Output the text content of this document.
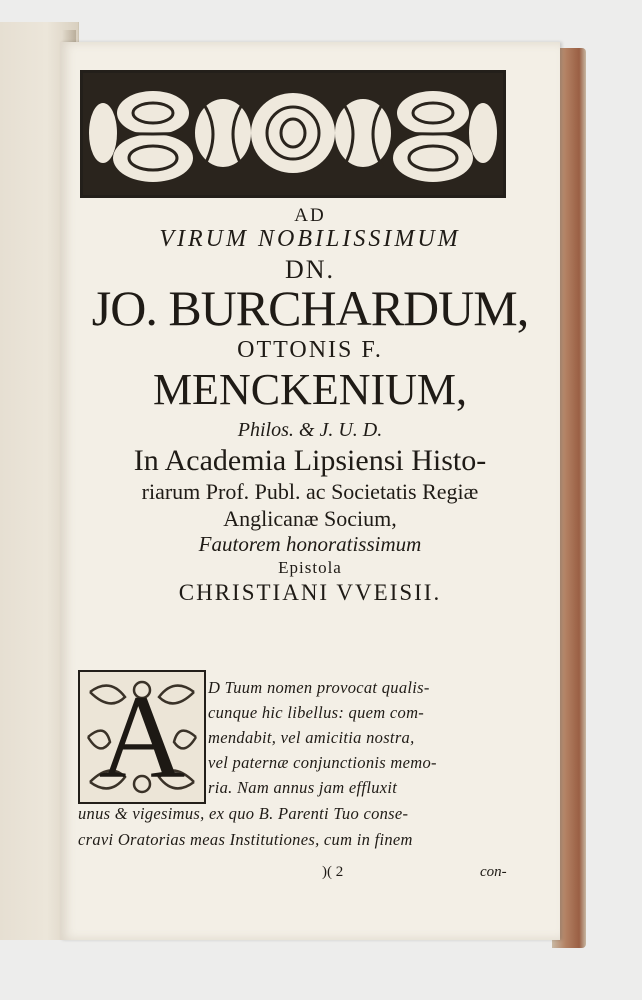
AD
VIRUM NOBILISSIMUM
DN.
JO. BURCHARDUM,
OTTONIS F.
MENCKENIUM,
Philos. & J. U. D.
In Academia Lipsiensi Histo-
riarum Prof. Publ. ac Societatis Regiæ
Anglicanæ Socium,
Fautorem honoratissimum
Epistola
CHRISTIANI VVEISII.
A	D Tuum nomen provocat qualis-
cunque hic libellus: quem com-
mendabit, vel amicitia nostra,
vel paternæ conjunctionis memo-
ria. Nam annus jam effluxit
unus & vigesimus, ex quo B. Parenti Tuo conse-
cravi Oratorias meas Institutiones, cum in finem
)( 2	con-
